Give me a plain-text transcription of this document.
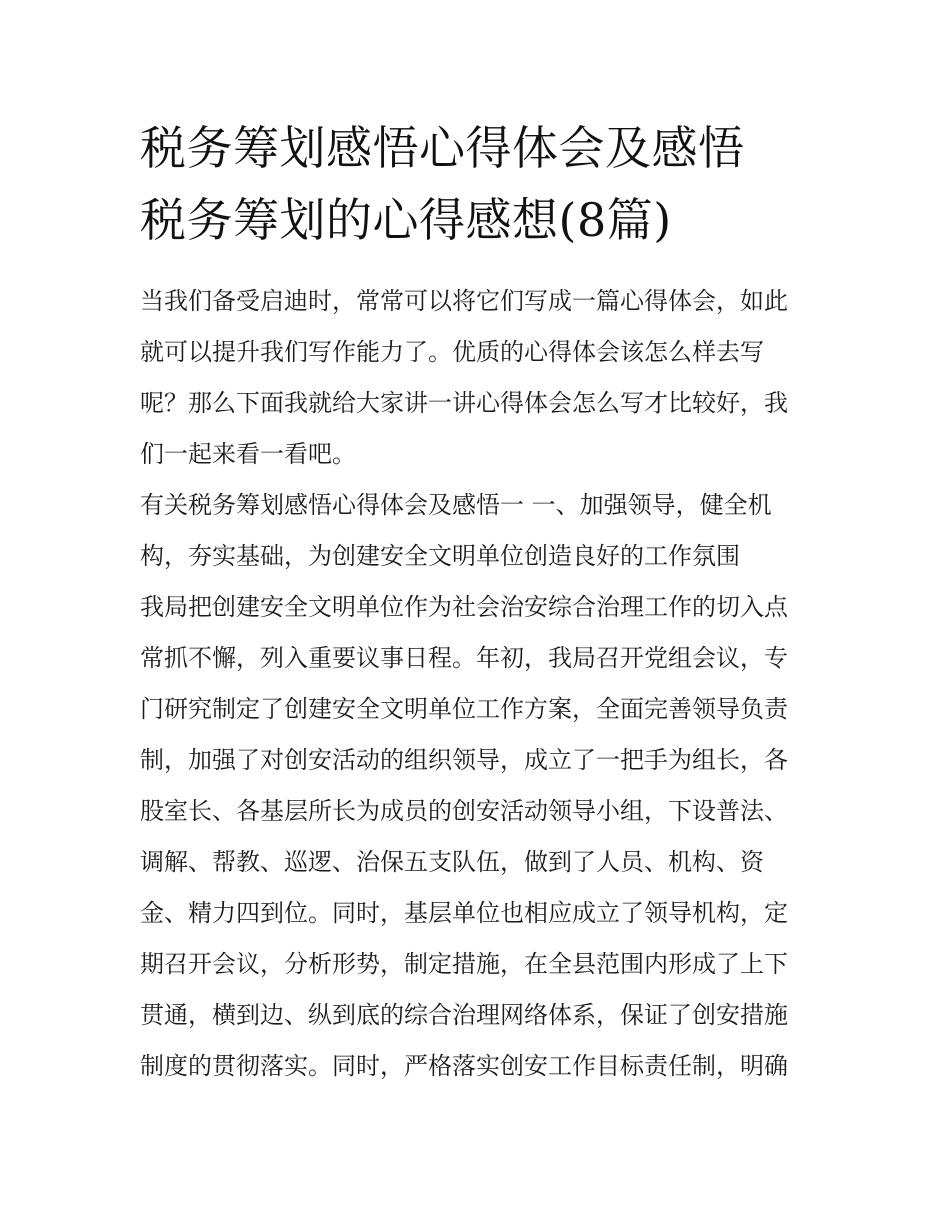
税务筹划感悟心得体会及感悟
税务筹划的心得感想(8篇)
当我们备受启迪时，常常可以将它们写成一篇心得体会，如此
就可以提升我们写作能力了。优质的心得体会该怎么样去写
呢？那么下面我就给大家讲一讲心得体会怎么写才比较好，我
们一起来看一看吧。
有关税务筹划感悟心得体会及感悟一 一、加强领导，健全机
构，夯实基础，为创建安全文明单位创造良好的工作氛围
我局把创建安全文明单位作为社会治安综合治理工作的切入点
常抓不懈，列入重要议事日程。年初，我局召开党组会议，专
门研究制定了创建安全文明单位工作方案，全面完善领导负责
制，加强了对创安活动的组织领导，成立了一把手为组长，各
股室长、各基层所长为成员的创安活动领导小组，下设普法、
调解、帮教、巡逻、治保五支队伍，做到了人员、机构、资
金、精力四到位。同时，基层单位也相应成立了领导机构，定
期召开会议，分析形势，制定措施，在全县范围内形成了上下
贯通，横到边、纵到底的综合治理网络体系，保证了创安措施
制度的贯彻落实。同时，严格落实创安工作目标责任制，明确
